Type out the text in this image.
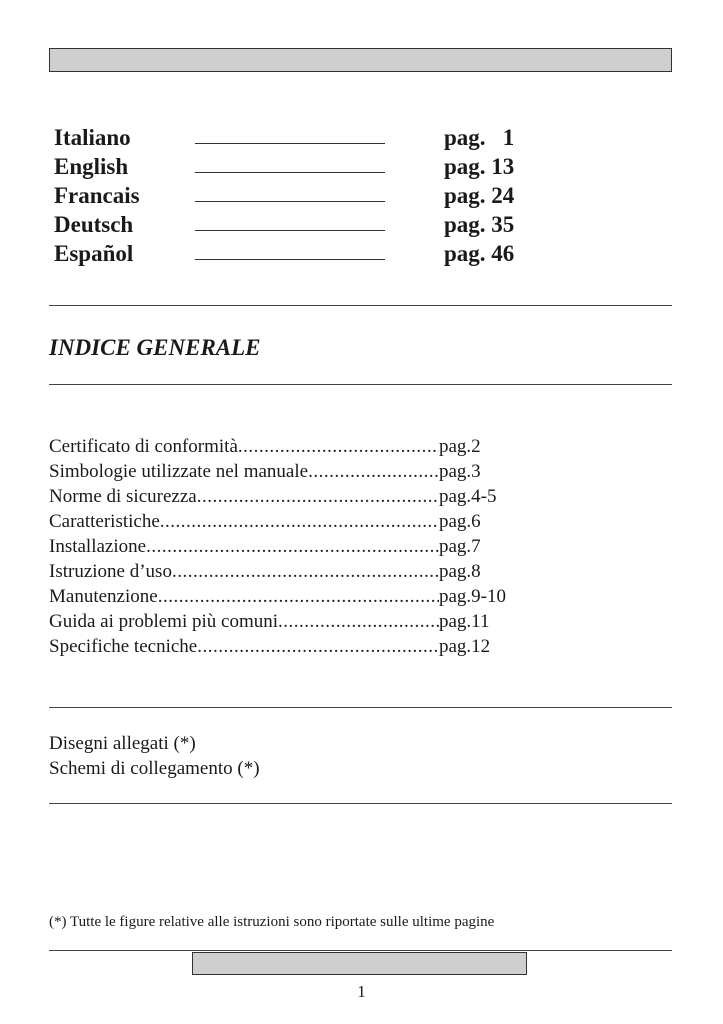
Italiano	pag.   1
English	pag. 13
Francais	pag. 24
Deutsch	pag. 35
Español	pag. 46
INDICE GENERALE
Certificato di conformità .....	pag.2
Simbologie utilizzate nel manuale .....	pag.3
Norme di sicurezza .....	pag.4-5
Caratteristiche .....	pag.6
Installazione .....	pag.7
Istruzione d’uso .....	pag.8
Manutenzione .....	pag.9-10
Guida ai problemi più comuni .....	pag.11
Specifiche tecniche .....	pag.12
Disegni allegati (*)
Schemi di collegamento (*)
(*) Tutte le figure relative alle istruzioni sono riportate sulle ultime pagine
1
